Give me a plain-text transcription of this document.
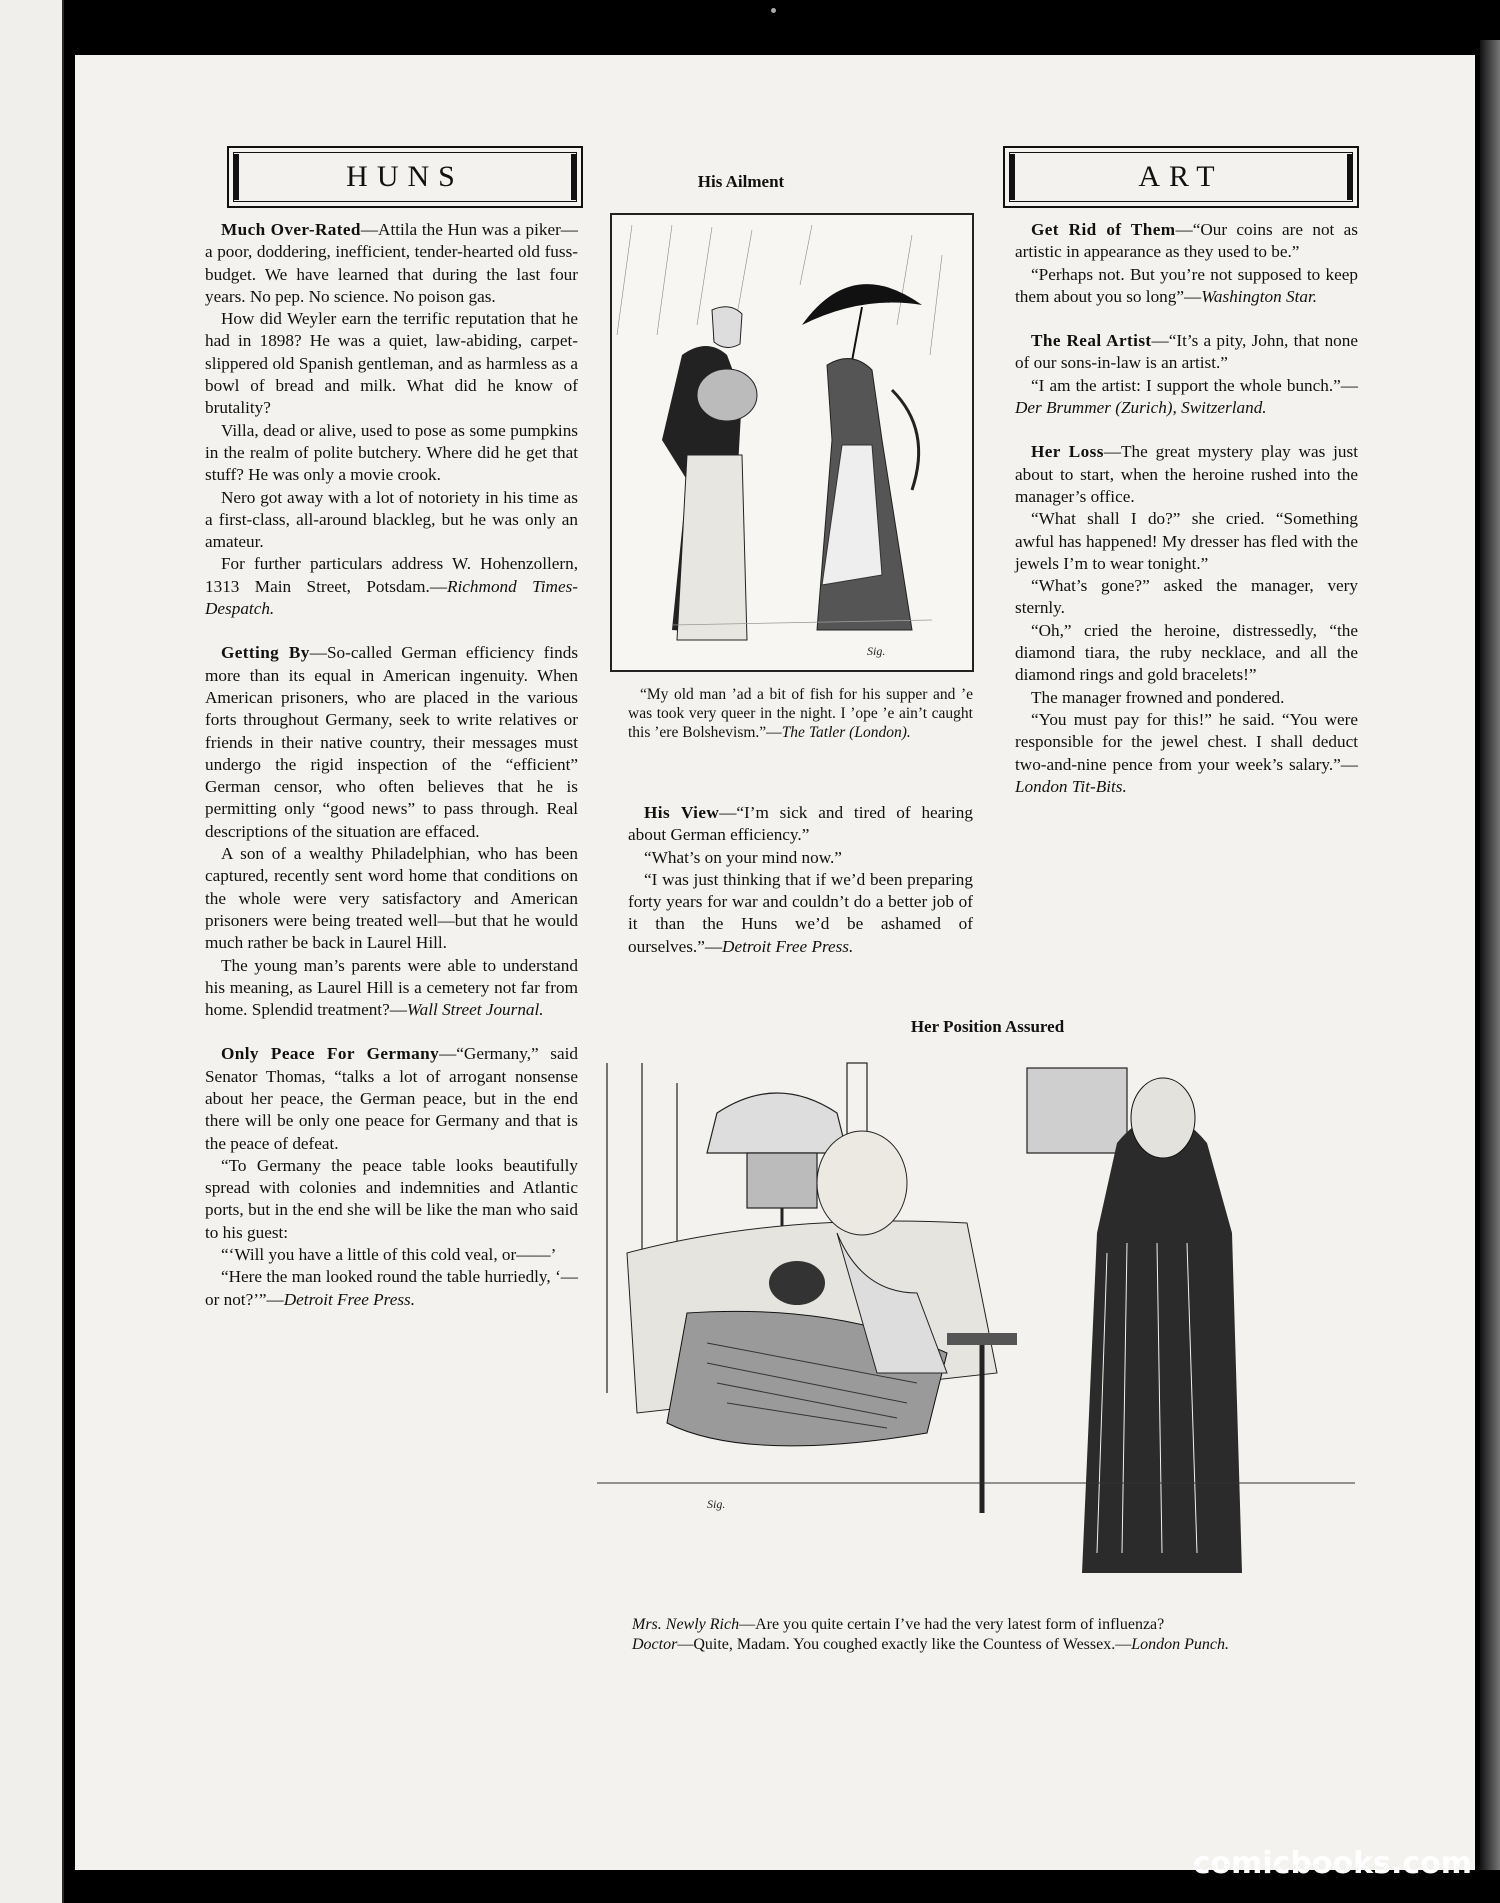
HUNS

Much Over-Rated—Attila the Hun was a piker—a poor, doddering, inefficient, tender-hearted old fuss-budget. We have learned that during the last four years. No pep. No science. No poison gas.

How did Weyler earn the terrific reputation that he had in 1898? He was a quiet, law-abiding, carpet-slippered old Spanish gentleman, and as harmless as a bowl of bread and milk. What did he know of brutality?

Villa, dead or alive, used to pose as some pumpkins in the realm of polite butchery. Where did he get that stuff? He was only a movie crook.

Nero got away with a lot of notoriety in his time as a first-class, all-around blackleg, but he was only an amateur.

For further particulars address W. Hohenzollern, 1313 Main Street, Potsdam.—Richmond Times-Despatch.

Getting By—So-called German efficiency finds more than its equal in American ingenuity. When American prisoners, who are placed in the various forts throughout Germany, seek to write relatives or friends in their native country, their messages must undergo the rigid inspection of the “efficient” German censor, who often believes that he is permitting only “good news” to pass through. Real descriptions of the situation are effaced.

A son of a wealthy Philadelphian, who has been captured, recently sent word home that conditions on the whole were very satisfactory and American prisoners were being treated well—but that he would much rather be back in Laurel Hill.

The young man’s parents were able to understand his meaning, as Laurel Hill is a cemetery not far from home. Splendid treatment?—Wall Street Journal.

Only Peace For Germany—“Germany,” said Senator Thomas, “talks a lot of arrogant nonsense about her peace, the German peace, but in the end there will be only one peace for Germany and that is the peace of defeat.

“To Germany the peace table looks beautifully spread with colonies and indemnities and Atlantic ports, but in the end she will be like the man who said to his guest:

“‘Will you have a little of this cold veal, or——’

“Here the man looked round the table hurriedly, ‘—or not?’”—Detroit Free Press.

His Ailment
Sig.

“My old man ’ad a bit of fish for his supper and ’e was took very queer in the night. I ’ope ’e ain’t caught this ’ere Bolshevism.”—The Tatler (London).

His View—“I’m sick and tired of hearing about German efficiency.”

“What’s on your mind now.”

“I was just thinking that if we’d been preparing forty years for war and couldn’t do a better job of it than the Huns we’d be ashamed of ourselves.”—Detroit Free Press.

ART

Get Rid of Them—“Our coins are not as artistic in appearance as they used to be.”

“Perhaps not. But you’re not supposed to keep them about you so long”—Washington Star.

The Real Artist—“It’s a pity, John, that none of our sons-in-law is an artist.”

“I am the artist: I support the whole bunch.”—Der Brummer (Zurich), Switzerland.

Her Loss—The great mystery play was just about to start, when the heroine rushed into the manager’s office.

“What shall I do?” she cried. “Something awful has happened! My dresser has fled with the jewels I’m to wear tonight.”

“What’s gone?” asked the manager, very sternly.

“Oh,” cried the heroine, distressedly, “the diamond tiara, the ruby necklace, and all the diamond rings and gold bracelets!”

The manager frowned and pondered.

“You must pay for this!” he said. “You were responsible for the jewel chest. I shall deduct two-and-nine pence from your week’s salary.”—London Tit-Bits.

Her Position Assured
Sig.

Mrs. Newly Rich—Are you quite certain I’ve had the very latest form of influenza?

Doctor—Quite, Madam. You coughed exactly like the Countess of Wessex.—London Punch.

comicbooks.com
